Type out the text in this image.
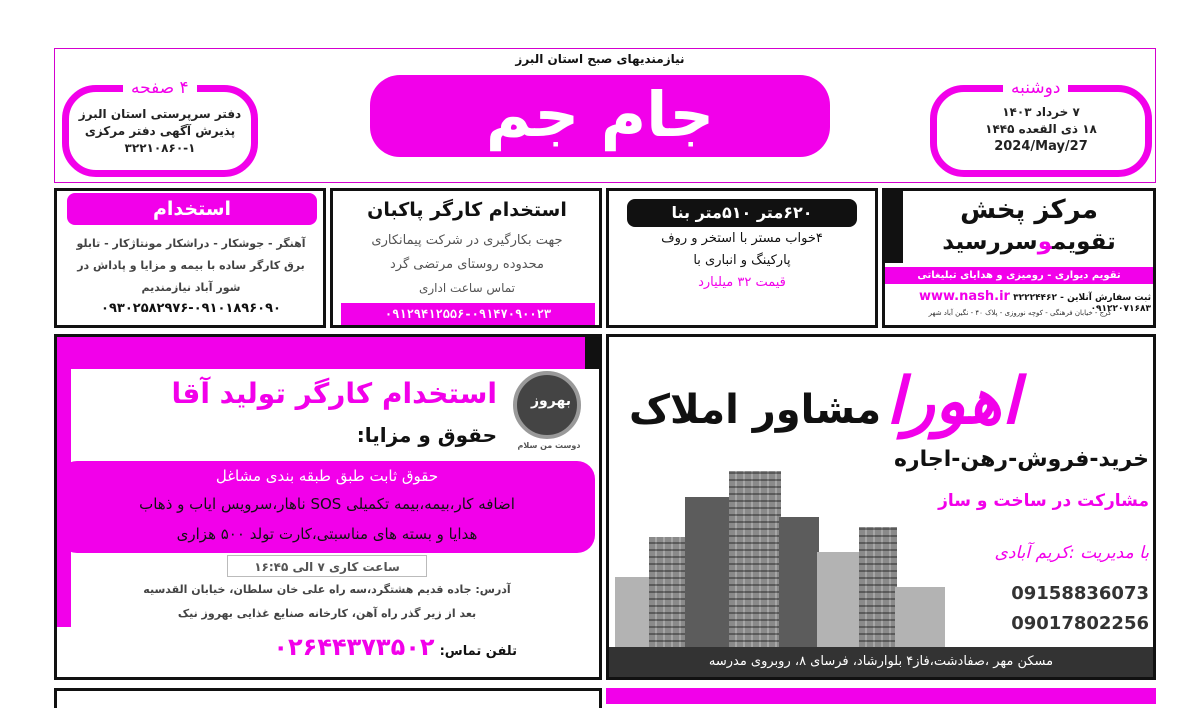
نیازمندیهای صبح استان البرز
جام جم
۴ صفحه
دفتر سرپرستی استان البرز
پذیرش آگهی دفتر مرکزی
۳۲۲۱۰۸۶۰-۱
دوشنبه
۷ خرداد ۱۴۰۳
۱۸ ذی القعده ۱۴۴۵
2024/May/27
استخدام
آهنگر - جوشکار - دراشکار مونتاژکار - تابلو
برق کارگر ساده با بیمه و مزایا و پاداش در
شور آباد نیازمندیم
۰۹۳۰۲۵۸۲۹۷۶-۰۹۱۰۱۸۹۶۰۹۰
استخدام کارگر پاکبان
جهت بکارگیری در شرکت پیمانکاری
محدوده روستای مرتضی گرد
تماس ساعت اداری
۰۹۱۲۹۴۱۲۵۵۶-۰۹۱۴۷۰۹۰۰۲۳
۶۲۰متر ۵۱۰متر بنا
۴خواب مستر با استخر و روف
پارکینگ و انباری با
قیمت ۳۲ میلیارد
۰۹۱۲۷۳۰۰۷۰۳
مرکز پخش
تقویموسررسید
تقویم دیواری - رومیزی و هدایای تبلیغاتی
ثبت سفارش آنلاین www.nash.ir ۳۲۲۲۴۴۶۲ - ۰۹۱۲۲۰۷۱۶۸۳
کرج - خیابان فرهنگی - کوچه نوروزی - پلاک ۴۰ - نگین آباد شهر
بهروز
دوست من سلام
استخدام کارگر تولید آقا
حقوق و مزایا:
حقوق ثابت طبق طبقه بندی مشاغل
اضافه کار،بیمه،بیمه تکمیلی SOS ناهار،سرویس ایاب و ذهاب
هدایا و بسته های مناسبتی،کارت تولد ۵۰۰ هزاری
ساعت کاری ۷ الی ۱۶:۴۵
آدرس: جاده قدیم هشتگرد،سه راه علی خان سلطان، خیابان القدسیه
بعد از زیر گذر راه آهن، کارخانه صنایع غذایی بهروز نیک
تلفن تماس: ۰۲۶۴۴۳۷۳۵۰۲
اهورا مشاور املاک
خرید-فروش-رهن-اجاره
مشارکت در ساخت و ساز
با مدیریت :کریم آبادی
09158836073
09017802256
مسکن مهر ،صفادشت،فاز۴ بلوارشاد، فرسای ۸، روبروی مدرسه
